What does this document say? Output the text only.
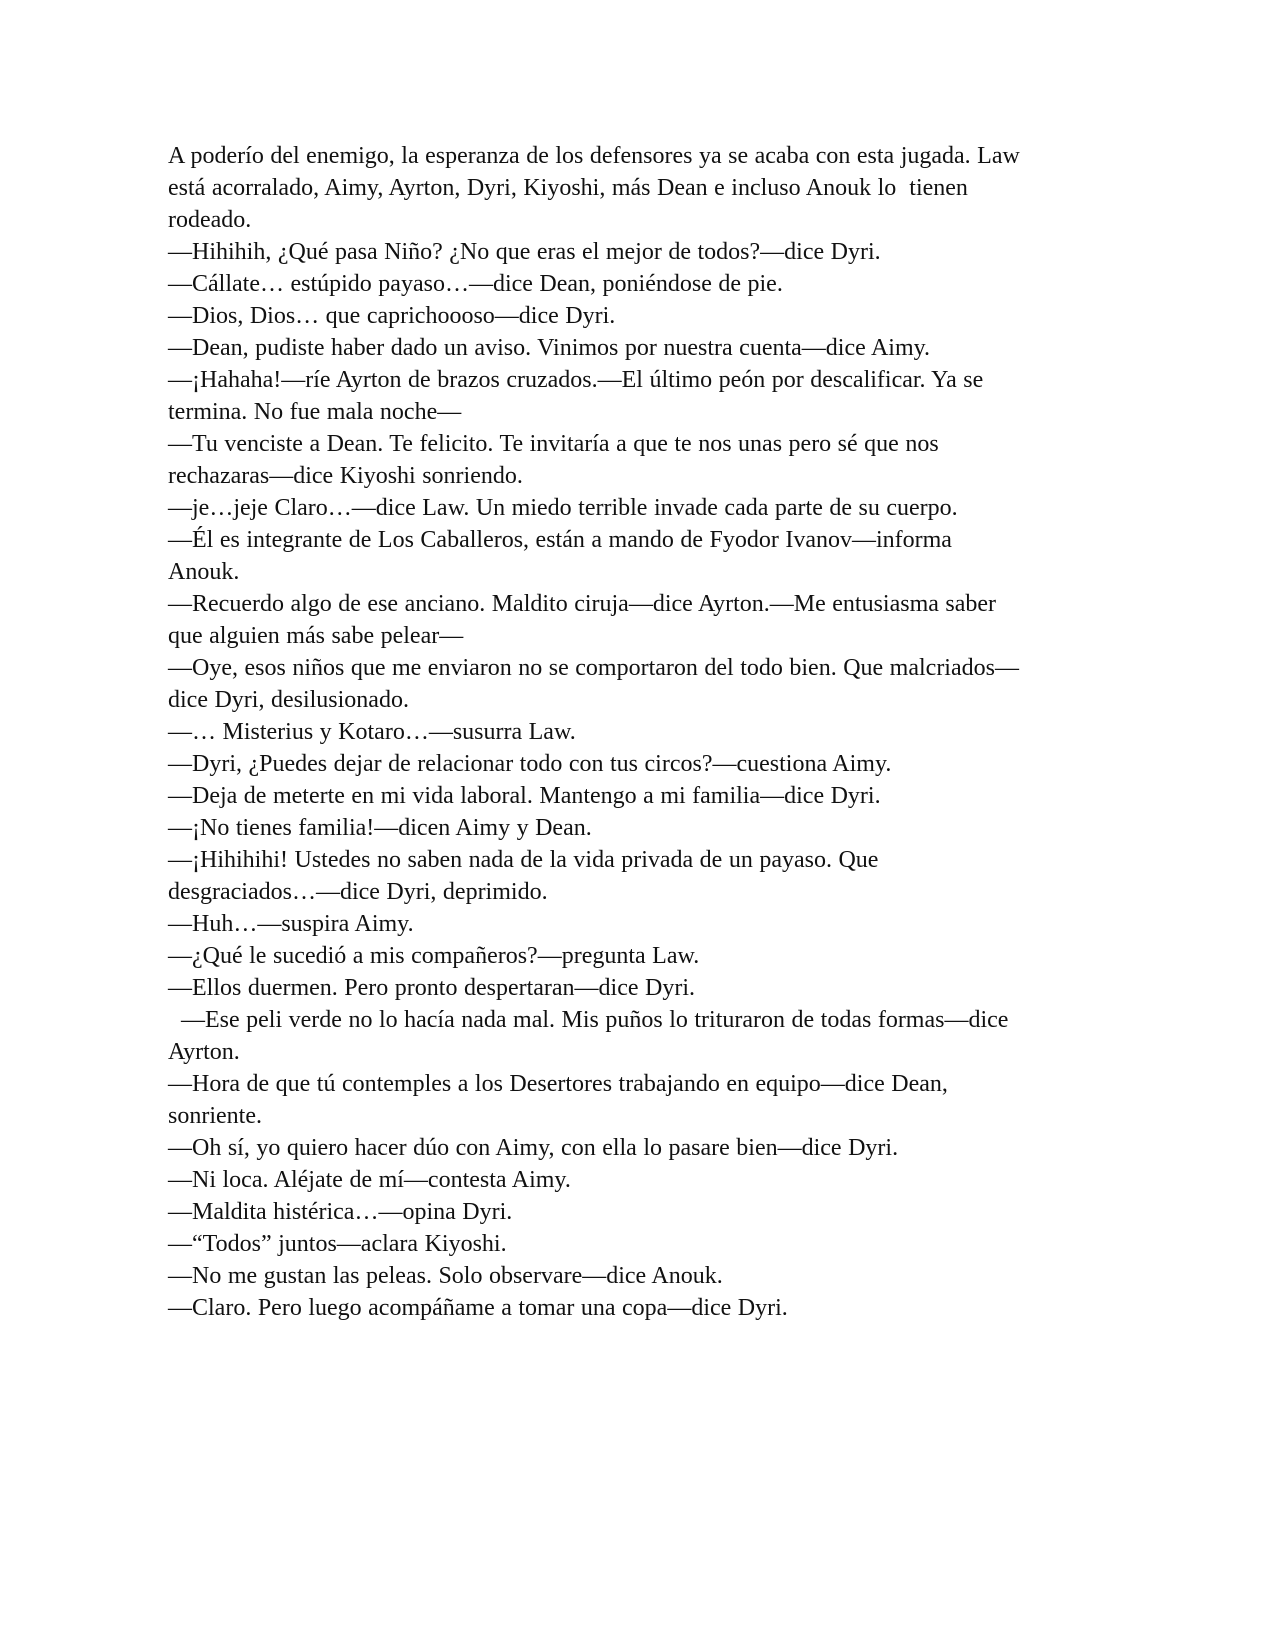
A poderío del enemigo, la esperanza de los defensores ya se acaba con esta jugada. Law está acorralado, Aimy, Ayrton, Dyri, Kiyoshi, más Dean e incluso Anouk lo  tienen rodeado.

—Hihihih, ¿Qué pasa Niño? ¿No que eras el mejor de todos?—dice Dyri.

—Cállate… estúpido payaso…—dice Dean, poniéndose de pie.

—Dios, Dios… que caprichoooso—dice Dyri.

—Dean, pudiste haber dado un aviso. Vinimos por nuestra cuenta—dice Aimy.

—¡Hahaha!—ríe Ayrton de brazos cruzados.—El último peón por descalificar. Ya se termina. No fue mala noche—

—Tu venciste a Dean. Te felicito. Te invitaría a que te nos unas pero sé que nos rechazaras—dice Kiyoshi sonriendo.

—je…jeje Claro…—dice Law. Un miedo terrible invade cada parte de su cuerpo.

—Él es integrante de Los Caballeros, están a mando de Fyodor Ivanov—informa Anouk.

—Recuerdo algo de ese anciano. Maldito ciruja—dice Ayrton.—Me entusiasma saber que alguien más sabe pelear—

—Oye, esos niños que me enviaron no se comportaron del todo bien. Que malcriados—dice Dyri, desilusionado.

—… Misterius y Kotaro…—susurra Law.

—Dyri, ¿Puedes dejar de relacionar todo con tus circos?—cuestiona Aimy.

—Deja de meterte en mi vida laboral. Mantengo a mi familia—dice Dyri.

—¡No tienes familia!—dicen Aimy y Dean.

—¡Hihihihi! Ustedes no saben nada de la vida privada de un payaso. Que desgraciados…—dice Dyri, deprimido.

—Huh…—suspira Aimy.

—¿Qué le sucedió a mis compañeros?—pregunta Law.

—Ellos duermen. Pero pronto despertaran—dice Dyri.

—Ese peli verde no lo hacía nada mal. Mis puños lo trituraron de todas formas—dice Ayrton.

—Hora de que tú contemples a los Desertores trabajando en equipo—dice Dean, sonriente.

—Oh sí, yo quiero hacer dúo con Aimy, con ella lo pasare bien—dice Dyri.

—Ni loca. Aléjate de mí—contesta Aimy.

—Maldita histérica…—opina Dyri.

—“Todos” juntos—aclara Kiyoshi.

—No me gustan las peleas. Solo observare—dice Anouk.

—Claro. Pero luego acompáñame a tomar una copa—dice Dyri.
